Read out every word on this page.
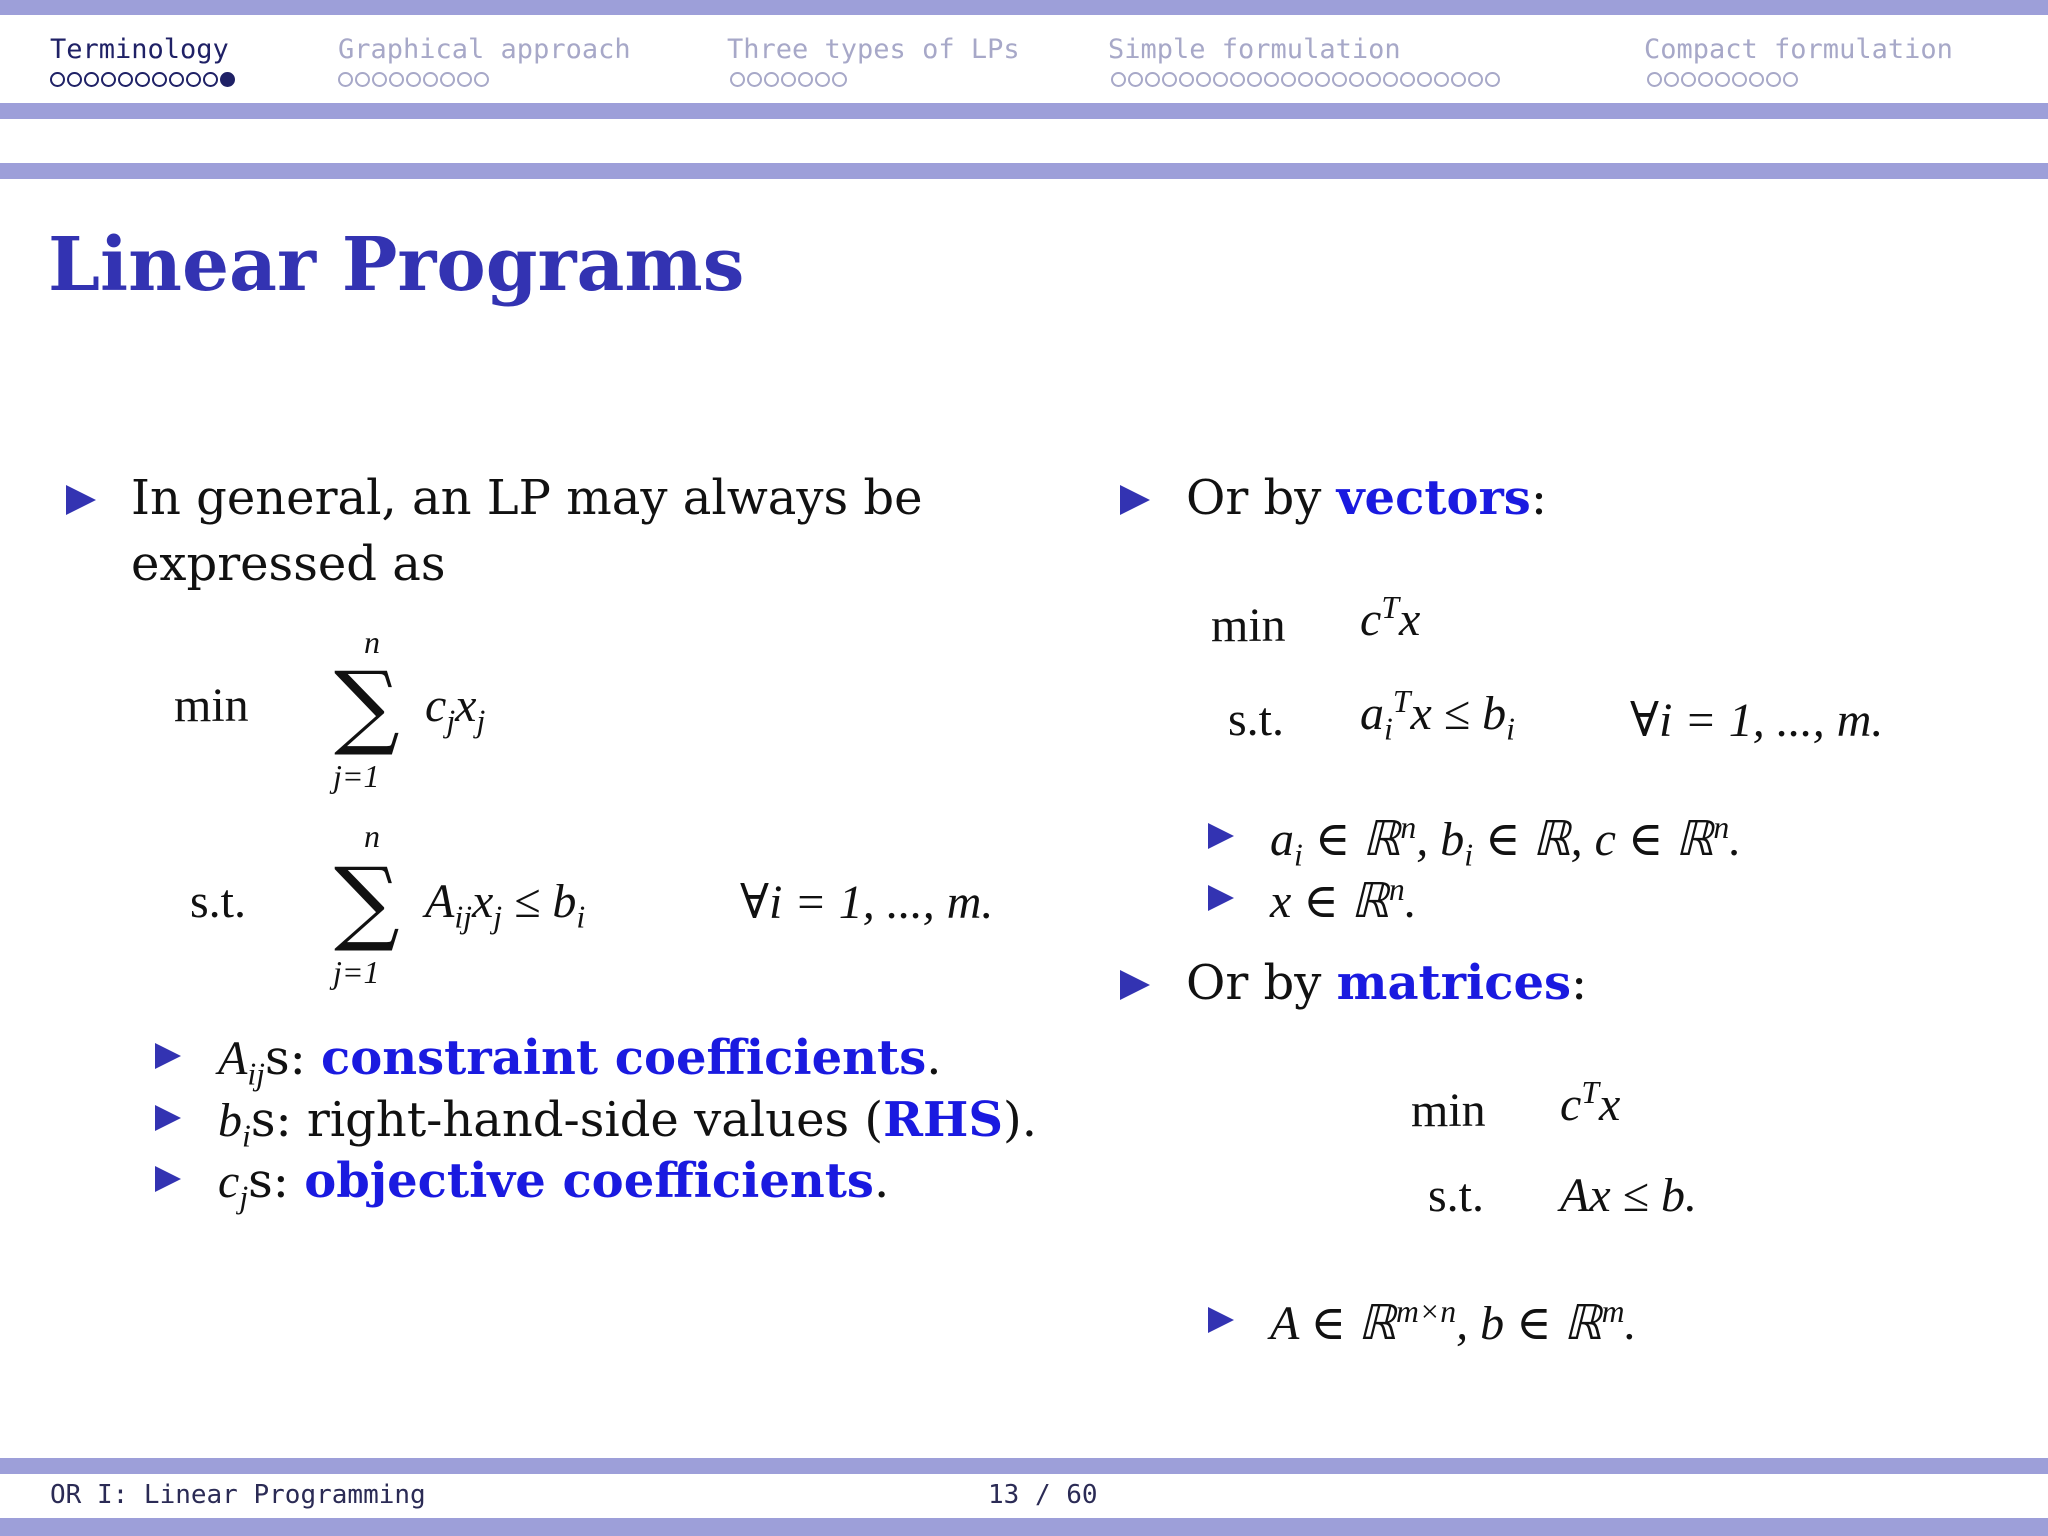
Terminology	Graphical approach	Three types of LPs	Simple formulation	Compact formulation
Linear Programs
In general, an LP may always be
expressed as
min
n
∑
j=1
$c_jx_j$
s.t.
n
∑
j=1
$A_{ij}x_j \le b_i$	∀i = 1, ..., m.
$A_{ij}s$: constraint coefficients.
$b_is$: right-hand-side values (RHS).
$c_js$: objective coefficients.
Or by vectors:
$\min c^Tx$
s.t. $a_i^Tx \le b_i$ ∀i = 1, ..., m.
$a_i$ ∈ ℝ$^n$, $b_i$ ∈ ℝ, c ∈ ℝ$^n$.
x ∈ ℝ$^n$.
Or by matrices:
$\min c^Tx$
s.t. Ax ≤ b.
A ∈ ℝ$^{m\times n}$, b ∈ ℝ$^m$.
OR I: Linear Programming	13 / 60
